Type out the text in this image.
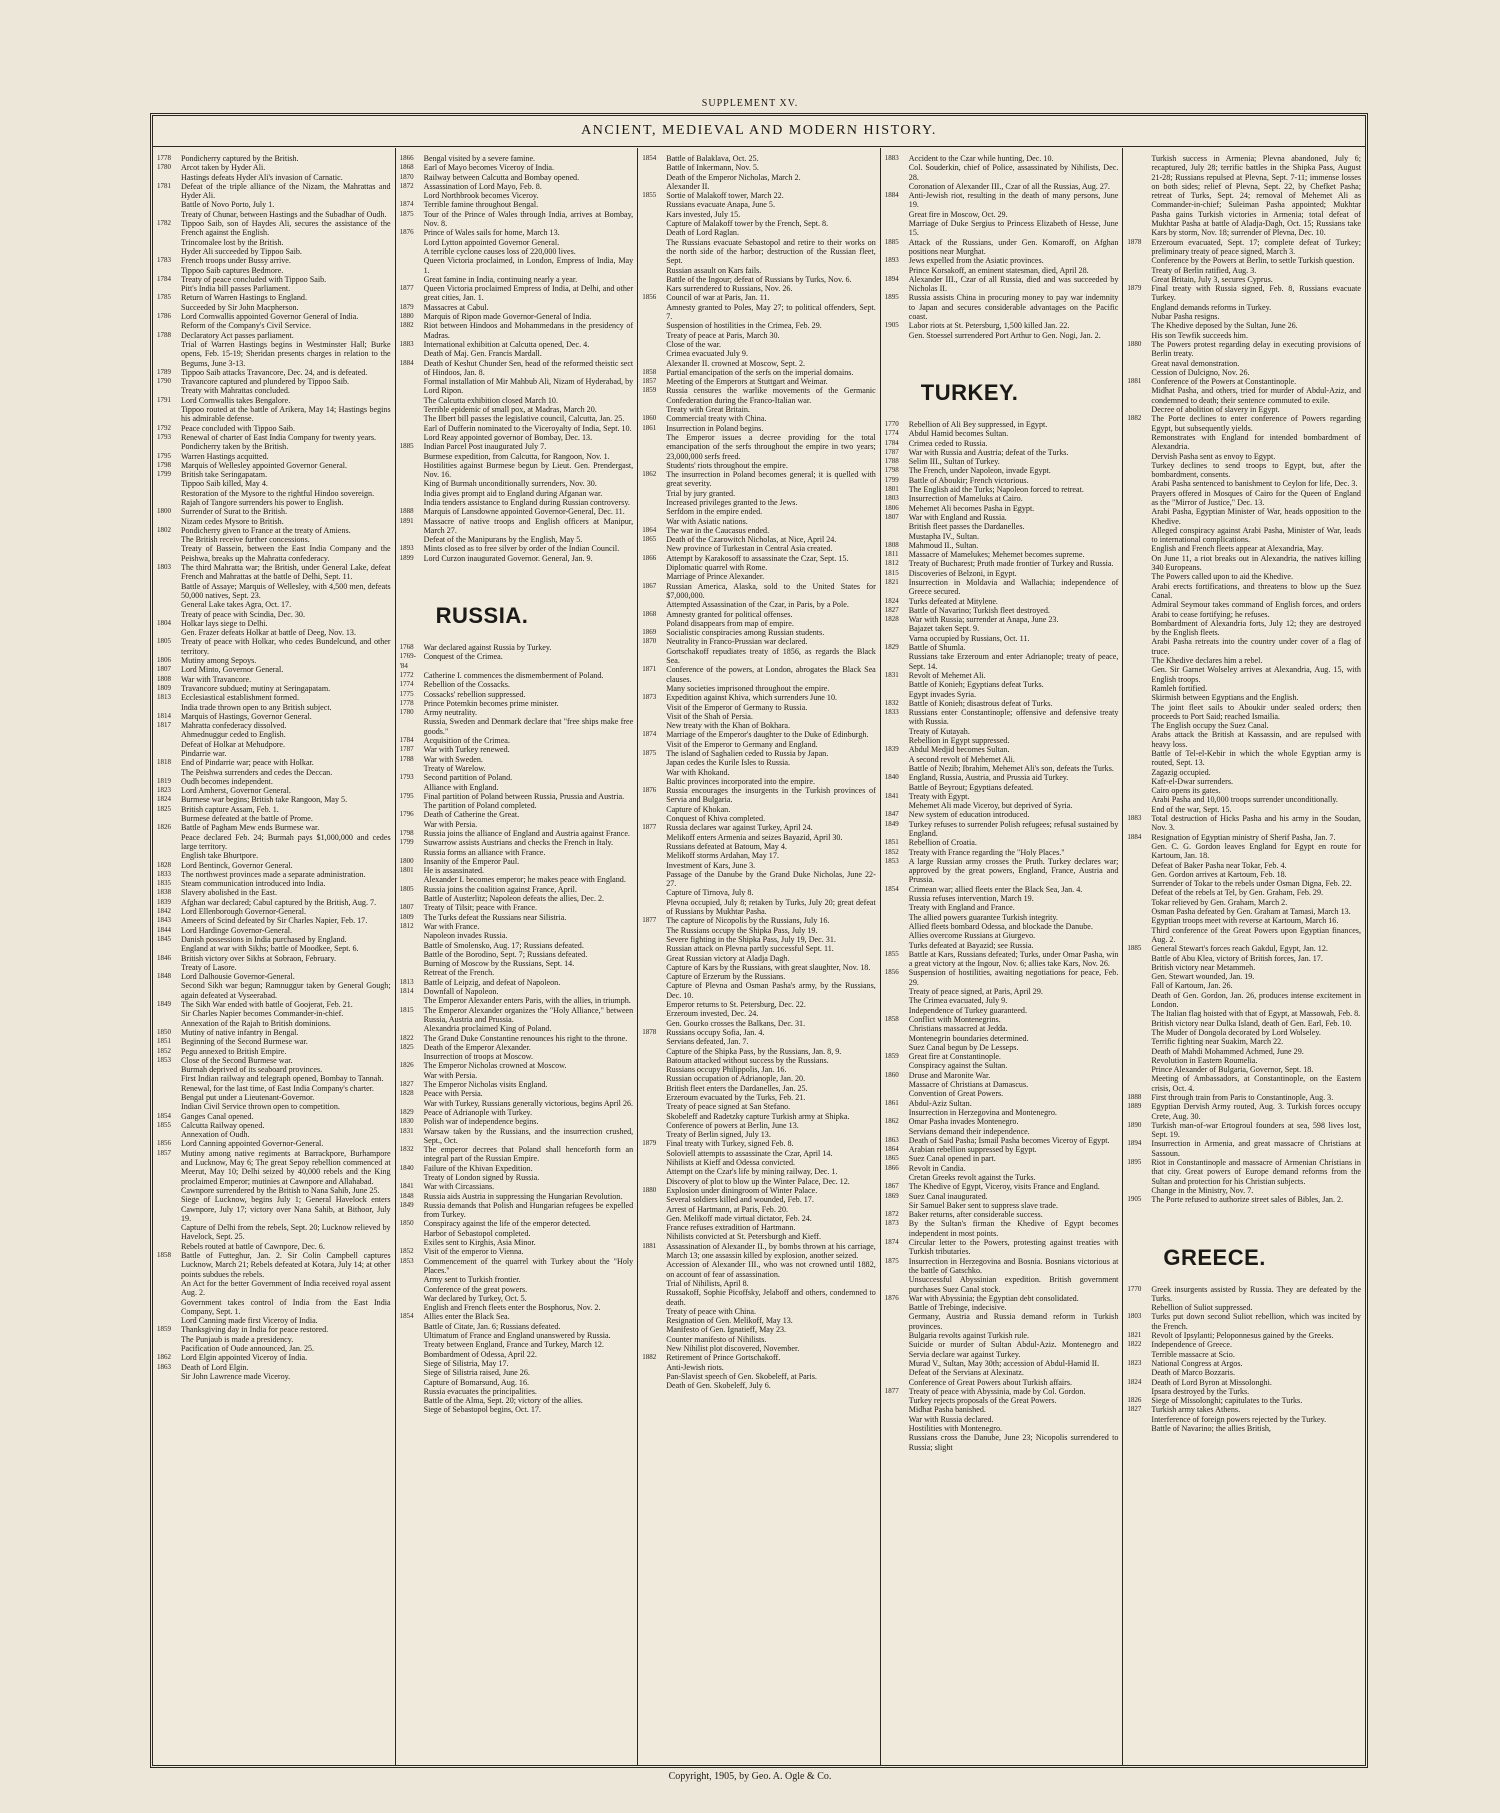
SUPPLEMENT XV.
ANCIENT, MEDIEVAL AND MODERN HISTORY.
1778	Pondicherry captured by the British.
1780	Arcot taken by Hyder Ali.
Hastings defeats Hyder Ali's invasion of Carnatic.
1781	Defeat of the triple alliance of the Nizam, the Mahrattas and Hyder Ali.
Battle of Novo Porto, July 1.
Treaty of Chunar, between Hastings and the Subadhar of Oudh.
1782	Tippoo Saib, son of Haydes Ali, secures the assistance of the French against the English.
Trincomalee lost by the British.
Hyder Ali succeeded by Tippoo Saib.
1783	French troops under Bussy arrive.
Tippoo Saib captures Bedmore.
1784	Treaty of peace concluded with Tippoo Saib.
Pitt's India bill passes Parliament.
1785	Return of Warren Hastings to England.
Succeeded by Sir John Macpherson.
1786	Lord Cornwallis appointed Governor General of India.
Reform of the Company's Civil Service.
1788	Declaratory Act passes parliament.
Trial of Warren Hastings begins in Westminster Hall; Burke opens, Feb. 15-19; Sheridan presents charges in relation to the Begums, June 3-13.
1789	Tippoo Saib attacks Travancore, Dec. 24, and is defeated.
1790	Travancore captured and plundered by Tippoo Saib.
Treaty with Mahrattas concluded.
1791	Lord Cornwallis takes Bengalore.
Tippoo routed at the battle of Arikera, May 14; Hastings begins his admirable defense.
1792	Peace concluded with Tippoo Saib.
1793	Renewal of charter of East India Company for twenty years.
Pondicherry taken by the British.
1795	Warren Hastings acquitted.
1798	Marquis of Wellesley appointed Governor General.
1799	British take Seringapatam.
Tippoo Saib killed, May 4.
Restoration of the Mysore to the rightful Hindoo sovereign.
Rajah of Tangore surrenders his power to English.
1800	Surrender of Surat to the British.
Nizam cedes Mysore to British.
1802	Pondicherry given to France at the treaty of Amiens.
The British receive further concessions.
Treaty of Bassein, between the East India Company and the Peishwa, breaks up the Mahratta confederacy.
1803	The third Mahratta war; the British, under General Lake, defeat French and Mahrattas at the battle of Delhi, Sept. 11.
Battle of Assaye; Marquis of Wellesley, with 4,500 men, defeats 50,000 natives, Sept. 23.
General Lake takes Agra, Oct. 17.
Treaty of peace with Scindia, Dec. 30.
1804	Holkar lays siege to Delhi.
Gen. Frazer defeats Holkar at battle of Deeg, Nov. 13.
1805	Treaty of peace with Holkar, who cedes Bundelcund, and other territory.
1806	Mutiny among Sepoys.
1807	Lord Minto, Governor General.
1808	War with Travancore.
1809	Travancore subdued; mutiny at Seringapatam.
1813	Ecclesiastical establishment formed.
India trade thrown open to any British subject.
1814	Marquis of Hastings, Governor General.
1817	Mahratta confederacy dissolved.
Ahmednuggur ceded to English.
Defeat of Holkar at Mehudpore.
Pindarrie war.
1818	End of Pindarrie war; peace with Holkar.
The Peishwa surrenders and cedes the Deccan.
1819	Oudh becomes independent.
1823	Lord Amherst, Governor General.
1824	Burmese war begins; British take Rangoon, May 5.
1825	British capture Assam, Feb. 1.
Burmese defeated at the battle of Prome.
1826	Battle of Pagham Mew ends Burmese war.
Peace declared Feb. 24; Burmah pays $1,000,000 and cedes large territory.
English take Bhurtpore.
1828	Lord Bentinck, Governor General.
1833	The northwest provinces made a separate administration.
1835	Steam communication introduced into India.
1838	Slavery abolished in the East.
1839	Afghan war declared; Cabul captured by the British, Aug. 7.
1842	Lord Ellenborough Governor-General.
1843	Ameers of Scind defeated by Sir Charles Napier, Feb. 17.
1844	Lord Hardinge Governor-General.
1845	Danish possessions in India purchased by England.
England at war with Sikhs; battle of Moodkee, Sept. 6.
1846	British victory over Sikhs at Sobraon, February.
Treaty of Lasore.
1848	Lord Dalhousie Governor-General.
Second Sikh war begun; Ramnuggur taken by General Gough; again defeated at Vyseerabad.
1849	The Sikh War ended with battle of Goojerat, Feb. 21.
Sir Charles Napier becomes Commander-in-chief.
Annexation of the Rajah to British dominions.
1850	Mutiny of native infantry in Bengal.
1851	Beginning of the Second Burmese war.
1852	Pegu annexed to British Empire.
1853	Close of the Second Burmese war.
Burmah deprived of its seaboard provinces.
First Indian railway and telegraph opened, Bombay to Tannah.
Renewal, for the last time, of East India Company's charter.
Bengal put under a Lieutenant-Governor.
Indian Civil Service thrown open to competition.
1854	Ganges Canal opened.
1855	Calcutta Railway opened.
Annexation of Oudh.
1856	Lord Canning appointed Governor-General.
1857	Mutiny among native regiments at Barrackpore, Burhampore and Lucknow, May 6; The great Sepoy rebellion commenced at Meerut, May 10; Delhi seized by 40,000 rebels and the King proclaimed Emperor; mutinies at Cawnpore and Allahabad.
Cawnpore surrendered by the British to Nana Sahib, June 25.
Siege of Lucknow, begins July 1; General Havelock enters Cawnpore, July 17; victory over Nana Sahib, at Bithoor, July 19.
Capture of Delhi from the rebels, Sept. 20; Lucknow relieved by Havelock, Sept. 25.
Rebels routed at battle of Cawnpore, Dec. 6.
1858	Battle of Futteghur, Jan. 2. Sir Colin Campbell captures Lucknow, March 21; Rebels defeated at Kotara, July 14; at other points subdues the rebels.
An Act for the better Government of India received royal assent Aug. 2.
Government takes control of India from the East India Company, Sept. 1.
Lord Canning made first Viceroy of India.
1859	Thanksgiving day in India for peace restored.
The Punjaub is made a presidency.
Pacification of Oude announced, Jan. 25.
1862	Lord Elgin appointed Viceroy of India.
1863	Death of Lord Elgin.
Sir John Lawrence made Viceroy.
1866	Bengal visited by a severe famine.
1868	Earl of Mayo becomes Viceroy of India.
1870	Railway between Calcutta and Bombay opened.
1872	Assassination of Lord Mayo, Feb. 8.
Lord Northbrook becomes Viceroy.
1874	Terrible famine throughout Bengal.
1875	Tour of the Prince of Wales through India, arrives at Bombay, Nov. 8.
1876	Prince of Wales sails for home, March 13.
Lord Lytton appointed Governor General.
A terrible cyclone causes loss of 220,000 lives.
Queen Victoria proclaimed, in London, Empress of India, May 1.
Great famine in India, continuing nearly a year.
1877	Queen Victoria proclaimed Empress of India, at Delhi, and other great cities, Jan. 1.
1879	Massacres at Cabul.
1880	Marquis of Ripon made Governor-General of India.
1882	Riot between Hindoos and Mohammedans in the presidency of Madras.
1883	International exhibition at Calcutta opened, Dec. 4.
Death of Maj. Gen. Francis Mardall.
1884	Death of Keshut Chunder Sen, head of the reformed theistic sect of Hindoos, Jan. 8.
Formal installation of Mir Mahbub Ali, Nizam of Hyderabad, by Lord Ripon.
The Calcutta exhibition closed March 10.
Terrible epidemic of small pox, at Madras, March 20.
The Ilbert bill passes the legislative council, Calcutta, Jan. 25.
Earl of Dufferin nominated to the Viceroyalty of India, Sept. 10.
Lord Reay appointed governor of Bombay, Dec. 13.
1885	Indian Parcel Post inaugurated July 7.
Burmese expedition, from Calcutta, for Rangoon, Nov. 1.
Hostilities against Burmese begun by Lieut. Gen. Prendergast, Nov. 16.
King of Burmah unconditionally surrenders, Nov. 30.
India gives prompt aid to England during Afganan war.
India tenders assistance to England during Russian controversy.
1888	Marquis of Lansdowne appointed Governor-General, Dec. 11.
1891	Massacre of native troops and English officers at Manipur, March 27.
Defeat of the Manipurans by the English, May 5.
1893	Mints closed as to free silver by order of the Indian Council.
1899	Lord Curzon inaugurated Governor. General, Jan. 9.
RUSSIA.
1768	War declared against Russia by Turkey.
1769-'84
Conquest of the Crimea.
1772	Catherine I. commences the dismemberment of Poland.
1774	Rebellion of the Cossacks.
1775	Cossacks' rebellion suppressed.
1778	Prince Potemkin becomes prime minister.
1780	Army neutrality.
Russia, Sweden and Denmark declare that "free ships make free goods."
1784	Acquisition of the Crimea.
1787	War with Turkey renewed.
1788	War with Sweden.
Treaty of Warelow.
1793	Second partition of Poland.
Alliance with England.
1795	Final partition of Poland between Russia, Prussia and Austria.
The partition of Poland completed.
1796	Death of Catherine the Great.
War with Persia.
1798	Russia joins the alliance of England and Austria against France.
1799	Suwarrow assists Austrians and checks the French in Italy.
Russia forms an alliance with France.
1800	Insanity of the Emperor Paul.
1801	He is assassinated.
Alexander I. becomes emperor; he makes peace with England.
1805	Russia joins the coalition against France, April.
Battle of Austerlitz; Napoleon defeats the allies, Dec. 2.
1807	Treaty of Tilsit; peace with France.
1809	The Turks defeat the Russians near Silistria.
1812	War with France.
Napoleon invades Russia.
Battle of Smolensko, Aug. 17; Russians defeated.
Battle of the Borodino, Sept. 7; Russians defeated.
Burning of Moscow by the Russians, Sept. 14.
Retreat of the French.
1813	Battle of Leipzig, and defeat of Napoleon.
1814	Downfall of Napoleon.
The Emperor Alexander enters Paris, with the allies, in triumph.
1815	The Emperor Alexander organizes the "Holy Alliance," between Russia, Austria and Prussia.
Alexandria proclaimed King of Poland.
1822	The Grand Duke Constantine renounces his right to the throne.
1825	Death of the Emperor Alexander.
Insurrection of troops at Moscow.
1826	The Emperor Nicholas crowned at Moscow.
War with Persia.
1827	The Emperor Nicholas visits England.
1828	Peace with Persia.
War with Turkey, Russians generally victorious, begins April 26.
1829	Peace of Adrianople with Turkey.
1830	Polish war of independence begins.
1831	Warsaw taken by the Russians, and the insurrection crushed, Sept., Oct.
1832	The emperor decrees that Poland shall henceforth form an integral part of the Russian Empire.
1840	Failure of the Khivan Expedition.
Treaty of London signed by Russia.
1841	War with Circassians.
1848	Russia aids Austria in suppressing the Hungarian Revolution.
1849	Russia demands that Polish and Hungarian refugees be expelled from Turkey.
1850	Conspiracy against the life of the emperor detected.
Harbor of Sebastopol completed.
Exiles sent to Kirghis, Asia Minor.
1852	Visit of the emperor to Vienna.
1853	Commencement of the quarrel with Turkey about the "Holy Places."
Army sent to Turkish frontier.
Conference of the great powers.
War declared by Turkey, Oct. 5.
English and French fleets enter the Bosphorus, Nov. 2.
1854	Allies enter the Black Sea.
Battle of Citate, Jan. 6; Russians defeated.
Ultimatum of France and England unanswered by Russia.
Treaty between England, France and Turkey, March 12.
Bombardment of Odessa, April 22.
Siege of Silistria, May 17.
Siege of Silistria raised, June 26.
Capture of Bomarsund, Aug. 16.
Russia evacuates the principalities.
Battle of the Alma, Sept. 20; victory of the allies.
Siege of Sebastopol begins, Oct. 17.
1854	Battle of Balaklava, Oct. 25.
Battle of Inkermann, Nov. 5.
Death of the Emperor Nicholas, March 2.
Alexander II.
1855	Sortie of Malakoff tower, March 22.
Russians evacuate Anapa, June 5.
Kars invested, July 15.
Capture of Malakoff tower by the French, Sept. 8.
Death of Lord Raglan.
The Russians evacuate Sebastopol and retire to their works on the north side of the harbor; destruction of the Russian fleet, Sept.
Russian assault on Kars fails.
Battle of the Ingour; defeat of Russians by Turks, Nov. 6.
Kars surrendered to Russians, Nov. 26.
1856	Council of war at Paris, Jan. 11.
Amnesty granted to Poles, May 27; to political offenders, Sept. 7.
Suspension of hostilities in the Crimea, Feb. 29.
Treaty of peace at Paris, March 30.
Close of the war.
Crimea evacuated July 9.
Alexander II. crowned at Moscow, Sept. 2.
1858	Partial emancipation of the serfs on the imperial domains.
1857	Meeting of the Emperors at Stuttgart and Weimar.
1859	Russia censures the warlike movements of the Germanic Confederation during the Franco-Italian war.
Treaty with Great Britain.
1860	Commercial treaty with China.
1861	Insurrection in Poland begins.
The Emperor issues a decree providing for the total emancipation of the serfs throughout the empire in two years; 23,000,000 serfs freed.
Students' riots throughout the empire.
1862	The insurrection in Poland becomes general; it is quelled with great severity.
Trial by jury granted.
Increased privileges granted to the Jews.
Serfdom in the empire ended.
War with Asiatic nations.
1864	The war in the Caucasus ended.
1865	Death of the Czarowitch Nicholas, at Nice, April 24.
New province of Turkestan in Central Asia created.
1866	Attempt by Karakosoff to assassinate the Czar, Sept. 15.
Diplomatic quarrel with Rome.
Marriage of Prince Alexander.
1867	Russian America, Alaska, sold to the United States for $7,000,000.
Attempted Assassination of the Czar, in Paris, by a Pole.
1868	Amnesty granted for political offenses.
Poland disappears from map of empire.
1869	Socialistic conspiracies among Russian students.
1870	Neutrality in Franco-Prussian war declared.
Gortschakoff repudiates treaty of 1856, as regards the Black Sea.
1871	Conference of the powers, at London, abrogates the Black Sea clauses.
Many societies imprisoned throughout the empire.
1873	Expedition against Khiva, which surrenders June 10.
Visit of the Emperor of Germany to Russia.
Visit of the Shah of Persia.
New treaty with the Khan of Bokhara.
1874	Marriage of the Emperor's daughter to the Duke of Edinburgh.
Visit of the Emperor to Germany and England.
1875	The island of Saghalien ceded to Russia by Japan.
Japan cedes the Kurile Isles to Russia.
War with Khokand.
Baltic provinces incorporated into the empire.
1876	Russia encourages the insurgents in the Turkish provinces of Servia and Bulgaria.
Capture of Khokan.
Conquest of Khiva completed.
1877	Russia declares war against Turkey, April 24.
Melikoff enters Armenia and seizes Bayazid, April 30.
Russians defeated at Batoum, May 4.
Melikoff storms Ardahan, May 17.
Investment of Kars, June 3.
Passage of the Danube by the Grand Duke Nicholas, June 22-27.
Capture of Tirnova, July 8.
Plevna occupied, July 8; retaken by Turks, July 20; great defeat of Russians by Mukhtar Pasha.
1877	The capture of Nicopolis by the Russians, July 16.
The Russians occupy the Shipka Pass, July 19.
Severe fighting in the Shipka Pass, July 19, Dec. 31.
Russian attack on Plevna partly successful Sept. 11.
Great Russian victory at Aladja Dagh.
Capture of Kars by the Russians, with great slaughter, Nov. 18.
Capture of Erzerum by the Russians.
Capture of Plevna and Osman Pasha's army, by the Russians, Dec. 10.
Emperor returns to St. Petersburg, Dec. 22.
Erzeroum invested, Dec. 24.
Gen. Gourko crosses the Balkans, Dec. 31.
1878	Russians occupy Sofia, Jan. 4.
Servians defeated, Jan. 7.
Capture of the Shipka Pass, by the Russians, Jan. 8, 9.
Batoum attacked without success by the Russians.
Russians occupy Philippolis, Jan. 16.
Russian occupation of Adrianople, Jan. 20.
British fleet enters the Dardanelles, Jan. 25.
Erzeroum evacuated by the Turks, Feb. 21.
Treaty of peace signed at San Stefano.
Skobeleff and Radetzky capture Turkish army at Shipka.
Conference of powers at Berlin, June 13.
Treaty of Berlin signed, July 13.
1879	Final treaty with Turkey, signed Feb. 8.
Soloviell attempts to assassinate the Czar, April 14.
Nihilists at Kieff and Odessa convicted.
Attempt on the Czar's life by mining railway, Dec. 1.
Discovery of plot to blow up the Winter Palace, Dec. 12.
1880	Explosion under diningroom of Winter Palace.
Several soldiers killed and wounded, Feb. 17.
Arrest of Hartmann, at Paris, Feb. 20.
Gen. Melikoff made virtual dictator, Feb. 24.
France refuses extradition of Hartmann.
Nihilists convicted at St. Petersburgh and Kieff.
1881	Assassination of Alexander II., by bombs thrown at his carriage, March 13; one assassin killed by explosion, another seized.
Accession of Alexander III., who was not crowned until 1882, on account of fear of assassination.
Trial of Nihilists, April 8.
Russakoff, Sophie Picoffsky, Jelaboff and others, condemned to death.
Treaty of peace with China.
Resignation of Gen. Melikoff, May 13.
Manifesto of Gen. Ignatieff, May 23.
Counter manifesto of Nihilists.
New Nihilist plot discovered, November.
1882	Retirement of Prince Gortschakoff.
Anti-Jewish riots.
Pan-Slavist speech of Gen. Skobeleff, at Paris.
Death of Gen. Skobeleff, July 6.
1883	Accident to the Czar while hunting, Dec. 10.
Col. Souderkin, chief of Police, assassinated by Nihilists, Dec. 28.
Coronation of Alexander III., Czar of all the Russias, Aug. 27.
1884	Anti-Jewish riot, resulting in the death of many persons, June 19.
Great fire in Moscow, Oct. 29.
Marriage of Duke Sergius to Princess Elizabeth of Hesse, June 15.
1885	Attack of the Russians, under Gen. Komaroff, on Afghan positions near Murghat.
1893	Jews expelled from the Asiatic provinces.
Prince Korsakoff, an eminent statesman, died, April 28.
1894	Alexander III., Czar of all Russia, died and was succeeded by Nicholas II.
1895	Russia assists China in procuring money to pay war indemnity to Japan and secures considerable advantages on the Pacific coast.
1905	Labor riots at St. Petersburg, 1,500 killed Jan. 22.
Gen. Stoessel surrendered Port Arthur to Gen. Nogi, Jan. 2.
TURKEY.
1770	Rebellion of Ali Bey suppressed, in Egypt.
1774	Abdul Hamid becomes Sultan.
1784	Crimea ceded to Russia.
1787	War with Russia and Austria; defeat of the Turks.
1788	Selim III., Sultan of Turkey.
1798	The French, under Napoleon, invade Egypt.
1799	Battle of Aboukir; French victorious.
1801	The English aid the Turks; Napoleon forced to retreat.
1803	Insurrection of Mameluks at Cairo.
1806	Mehemet Ali becomes Pasha in Egypt.
1807	War with England and Russia.
British fleet passes the Dardanelles.
Mustapha IV., Sultan.
1808	Mahmoud II., Sultan.
1811	Massacre of Mamelukes; Mehemet becomes supreme.
1812	Treaty of Bucharest; Pruth made frontier of Turkey and Russia.
1815	Discoveries of Belzoni, in Egypt.
1821	Insurrection in Moldavia and Wallachia; independence of Greece secured.
1824	Turks defeated at Mitylene.
1827	Battle of Navarino; Turkish fleet destroyed.
1828	War with Russia; surrender at Anapa, June 23.
Bajazet taken Sept. 9.
Varna occupied by Russians, Oct. 11.
1829	Battle of Shumla.
Russians take Erzeroum and enter Adrianople; treaty of peace, Sept. 14.
1831	Revolt of Mehemet Ali.
Battle of Konieh; Egyptians defeat Turks.
Egypt invades Syria.
1832	Battle of Konieh; disastrous defeat of Turks.
1833	Russians enter Constantinople; offensive and defensive treaty with Russia.
Treaty of Kutayah.
Rebellion in Egypt suppressed.
1839	Abdul Medjid becomes Sultan.
A second revolt of Mehemet Ali.
Battle of Nezib; Ibrahim, Mehemet Ali's son, defeats the Turks.
1840	England, Russia, Austria, and Prussia aid Turkey.
Battle of Beyrout; Egyptians defeated.
1841	Treaty with Egypt.
Mehemet Ali made Viceroy, but deprived of Syria.
1847	New system of education introduced.
1849	Turkey refuses to surrender Polish refugees; refusal sustained by England.
1851	Rebellion of Croatia.
1852	Treaty with France regarding the "Holy Places."
1853	A large Russian army crosses the Pruth. Turkey declares war; approved by the great powers, England, France, Austria and Prussia.
1854	Crimean war; allied fleets enter the Black Sea, Jan. 4.
Russia refuses intervention, March 19.
Treaty with England and France.
The allied powers guarantee Turkish integrity.
Allied fleets bombard Odessa, and blockade the Danube.
Allies overcome Russians at Giurgevo.
Turks defeated at Bayazid; see Russia.
1855	Battle at Kars, Russians defeated; Turks, under Omar Pasha, win a great victory at the Ingour, Nov. 6; allies take Kars, Nov. 26.
1856	Suspension of hostilities, awaiting negotiations for peace, Feb. 29.
Treaty of peace signed, at Paris, April 29.
The Crimea evacuated, July 9.
Independence of Turkey guaranteed.
1858	Conflict with Montenegrins.
Christians massacred at Jedda.
Montenegrin boundaries determined.
Suez Canal begun by De Lesseps.
1859	Great fire at Constantinople.
Conspiracy against the Sultan.
1860	Druse and Maronite War.
Massacre of Christians at Damascus.
Convention of Great Powers.
1861	Abdul-Aziz Sultan.
Insurrection in Herzegovina and Montenegro.
1862	Omar Pasha invades Montenegro.
Servians demand their independence.
1863	Death of Said Pasha; Ismail Pasha becomes Viceroy of Egypt.
1864	Arabian rebellion suppressed by Egypt.
1865	Suez Canal opened in part.
1866	Revolt in Candia.
Cretan Greeks revolt against the Turks.
1867	The Khedive of Egypt, Viceroy, visits France and England.
1869	Suez Canal inaugurated.
Sir Samuel Baker sent to suppress slave trade.
1872	Baker returns, after considerable success.
1873	By the Sultan's firman the Khedive of Egypt becomes independent in most points.
1874	Circular letter to the Powers, protesting against treaties with Turkish tributaries.
1875	Insurrection in Herzegovina and Bosnia. Bosnians victorious at the battle of Gatschko.
Unsuccessful Abyssinian expedition. British government purchases Suez Canal stock.
1876	War with Abyssinia; the Egyptian debt consolidated.
Battle of Trebinge, indecisive.
Germany, Austria and Russia demand reform in Turkish provinces.
Bulgaria revolts against Turkish rule.
Suicide or murder of Sultan Abdul-Aziz. Montenegro and Servia declare war against Turkey.
Murad V., Sultan, May 30th; accession of Abdul-Hamid II.
Defeat of the Servians at Alexinatz.
Conference of Great Powers about Turkish affairs.
1877	Treaty of peace with Abyssinia, made by Col. Gordon.
Turkey rejects proposals of the Great Powers.
Midhat Pasha banished.
War with Russia declared.
Hostilities with Montenegro.
Russians cross the Danube, June 23; Nicopolis surrendered to Russia; slight
Turkish success in Armenia; Plevna abandoned, July 6; recaptured, July 28; terrific battles in the Shipka Pass, August 21-28; Russians repulsed at Plevna, Sept. 7-11; immense losses on both sides; relief of Plevna, Sept. 22, by Chefket Pasha; retreat of Turks, Sept. 24; removal of Mehemet Ali as Commander-in-chief; Suleiman Pasha appointed; Mukhtar Pasha gains Turkish victories in Armenia; total defeat of Mukhtar Pasha at battle of Aladja-Dagh, Oct. 15; Russians take Kars by storm, Nov. 18; surrender of Plevna, Dec. 10.
1878	Erzeroum evacuated, Sept. 17; complete defeat of Turkey; preliminary treaty of peace signed, March 3.
Conference by the Powers at Berlin, to settle Turkish question.
Treaty of Berlin ratified, Aug. 3.
Great Britain, July 3, secures Cyprus.
1879	Final treaty with Russia signed, Feb. 8, Russians evacuate Turkey.
England demands reforms in Turkey.
Nubar Pasha resigns.
The Khedive deposed by the Sultan, June 26.
His son Tewfik succeeds him.
1880	The Powers protest regarding delay in executing provisions of Berlin treaty.
Great naval demonstration.
Cession of Dulcigno, Nov. 26.
1881	Conference of the Powers at Constantinople.
Midhat Pasha, and others, tried for murder of Abdul-Aziz, and condemned to death; their sentence commuted to exile.
Decree of abolition of slavery in Egypt.
1882	The Porte declines to enter conference of Powers regarding Egypt, but subsequently yields.
Remonstrates with England for intended bombardment of Alexandria.
Dervish Pasha sent as envoy to Egypt.
Turkey declines to send troops to Egypt, but, after the bombardment, consents.
Arabi Pasha sentenced to banishment to Ceylon for life, Dec. 3.
Prayers offered in Mosques of Cairo for the Queen of England as the "Mirror of Justice," Dec. 13.
Arabi Pasha, Egyptian Minister of War, heads opposition to the Khedive.
Alleged conspiracy against Arabi Pasha, Minister of War, leads to international complications.
English and French fleets appear at Alexandria, May.
On June 11, a riot breaks out in Alexandria, the natives killing 340 Europeans.
The Powers called upon to aid the Khedive.
Arabi erects fortifications, and threatens to blow up the Suez Canal.
Admiral Seymour takes command of English forces, and orders Arabi to cease fortifying; he refuses.
Bombardment of Alexandria forts, July 12; they are destroyed by the English fleets.
Arabi Pasha retreats into the country under cover of a flag of truce.
The Khedive declares him a rebel.
Gen. Sir Garnet Wolseley arrives at Alexandria, Aug. 15, with English troops.
Ramleh fortified.
Skirmish between Egyptians and the English.
The joint fleet sails to Aboukir under sealed orders; then proceeds to Port Said; reached Ismailia.
The English occupy the Suez Canal.
Arabs attack the British at Kassassin, and are repulsed with heavy loss.
Battle of Tel-el-Kebir in which the whole Egyptian army is routed, Sept. 13.
Zagazig occupied.
Kafr-el-Dwar surrenders.
Cairo opens its gates.
Arabi Pasha and 10,000 troops surrender unconditionally.
End of the war, Sept. 15.
1883	Total destruction of Hicks Pasha and his army in the Soudan, Nov. 3.
1884	Resignation of Egyptian ministry of Sherif Pasha, Jan. 7.
Gen. C. G. Gordon leaves England for Egypt en route for Kartoum, Jan. 18.
Defeat of Baker Pasha near Tokar, Feb. 4.
Gen. Gordon arrives at Kartoum, Feb. 18.
Surrender of Tokar to the rebels under Osman Digna, Feb. 22.
Defeat of the rebels at Tel, by Gen. Graham, Feb. 29.
Tokar relieved by Gen. Graham, March 2.
Osman Pasha defeated by Gen. Graham at Tamasi, March 13.
Egyptian troops meet with reverse at Kartoum, March 16.
Third conference of the Great Powers upon Egyptian finances, Aug. 2.
1885	General Stewart's forces reach Gakdul, Egypt, Jan. 12.
Battle of Abu Klea, victory of British forces, Jan. 17.
British victory near Metammeh.
Gen. Stewart wounded, Jan. 19.
Fall of Kartoum, Jan. 26.
Death of Gen. Gordon, Jan. 26, produces intense excitement in London.
The Italian flag hoisted with that of Egypt, at Massowah, Feb. 8.
British victory near Dulka Island, death of Gen. Earl, Feb. 10.
The Muder of Dongola decorated by Lord Wolseley.
Terrific fighting near Suakim, March 22.
Death of Mahdi Mohammed Achmed, June 29.
Revolution in Eastern Roumelia.
Prince Alexander of Bulgaria, Governor, Sept. 18.
Meeting of Ambassadors, at Constantinople, on the Eastern crisis, Oct. 4.
1888	First through train from Paris to Constantinople, Aug. 3.
1889	Egyptian Dervish Army routed, Aug. 3. Turkish forces occupy Crete, Aug. 30.
1890	Turkish man-of-war Ertogroul founders at sea, 598 lives lost, Sept. 19.
1894	Insurrection in Armenia, and great massacre of Christians at Sassoun.
1895	Riot in Constantinople and massacre of Armenian Christians in that city. Great powers of Europe demand reforms from the Sultan and protection for his Christian subjects.
Change in the Ministry, Nov. 7.
1905	The Porte refused to authorize street sales of Bibles, Jan. 2.
GREECE.
1770	Greek insurgents assisted by Russia. They are defeated by the Turks.
Rebellion of Suliot suppressed.
1803	Turks put down second Suliot rebellion, which was incited by the French.
1821	Revolt of Ipsylanti; Peloponnesus gained by the Greeks.
1822	Independence of Greece.
Terrible massacre at Scio.
1823	National Congress at Argos.
Death of Marco Bozzaris.
1824	Death of Lord Byron at Missolonghi.
Ipsara destroyed by the Turks.
1826	Siege of Missolonghi; capitulates to the Turks.
1827	Turkish army takes Athens.
Interference of foreign powers rejected by the Turkey.
Battle of Navarino; the allies British,
Copyright, 1905, by Geo. A. Ogle & Co.
